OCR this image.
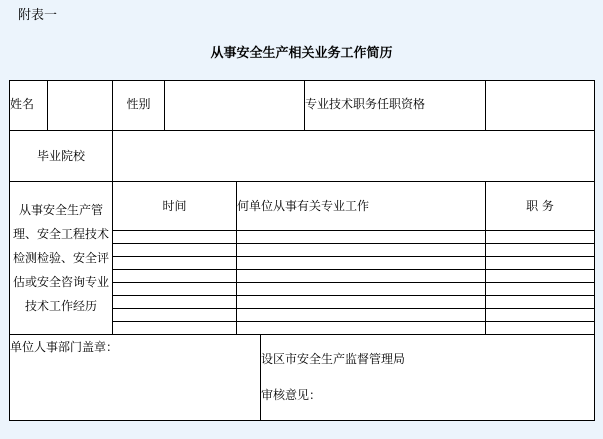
附表一
从事安全生产相关业务工作简历
姓名	性别	专业技术职务任职资格
毕业院校
从事安全生产管
理、安全工程技术
检测检验、安全评
估或安全咨询专业
技术工作经历
时间	何单位从事有关专业工作	职 务
单位人事部门盖章：
设区市安全生产监督管理局
审核意见：
